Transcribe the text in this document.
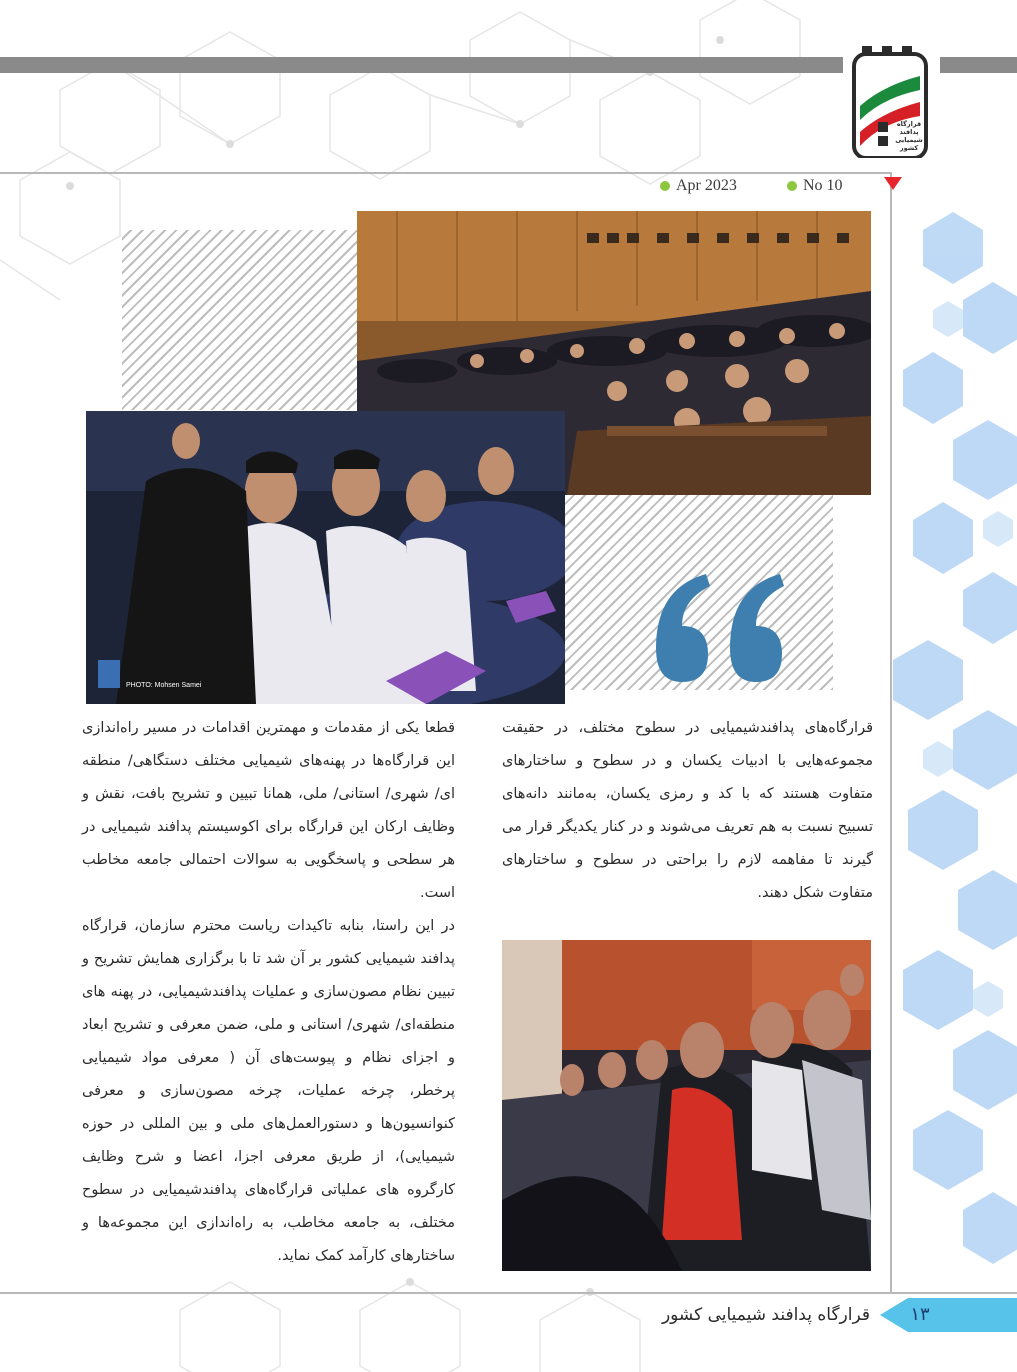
قرارگاه
پدافند
شیمیایی
کشور
Apr 2023	No 10
PHOTO: Mohsen Samei

قرارگاه‌های پدافندشیمیایی در سطوح مختلف، در حقیقت مجموعه‌هایی با ادبیات یکسان و در سطوح و ساختارهای متفاوت هستند که با کد و رمزی یکسان، به‌مانند دانه‌های تسبیح نسبت به هم تعریف می‌شوند و در کنار یکدیگر قرار می گیرند تا مفاهمه لازم را براحتی در سطوح و ساختارهای متفاوت شکل دهند.

قطعا یکی از مقدمات و مهمترین اقدامات در مسیر راه‌اندازی این قرارگاه‌ها در پهنه‌های شیمیایی مختلف دستگاهی/ منطقه ای/ شهری/ استانی/ ملی، همانا تبیین و تشریح بافت، نقش و وظایف ارکان این قرارگاه برای اکوسیستم پدافند شیمیایی در هر سطحی و پاسخگویی به سوالات احتمالی جامعه مخاطب است.

در این راستا، بنابه تاکیدات ریاست محترم سازمان، قرارگاه پدافند شیمیایی کشور بر آن شد تا با برگزاری همایش تشریح و تبیین نظام مصون‌سازی و عملیات پدافندشیمیایی، در پهنه های منطقه‌ای/ شهری/ استانی و ملی، ضمن معرفی و تشریح ابعاد و اجزای نظام و پیوست‌های آن ( معرفی مواد شیمیایی پرخطر، چرخه عملیات، چرخه مصون‌سازی و معرفی کنوانسیون‌ها و دستورالعمل‌های ملی و بین المللی در حوزه شیمیایی)، از طریق معرفی اجزا، اعضا و شرح وظایف کارگروه های عملیاتی قرارگاه‌های پدافندشیمیایی در سطوح مختلف، به جامعه مخاطب، به راه‌اندازی این مجموعه‌ها و ساختارهای کارآمد کمک نماید.

۱۳
قرارگاه پدافند شیمیایی کشور
